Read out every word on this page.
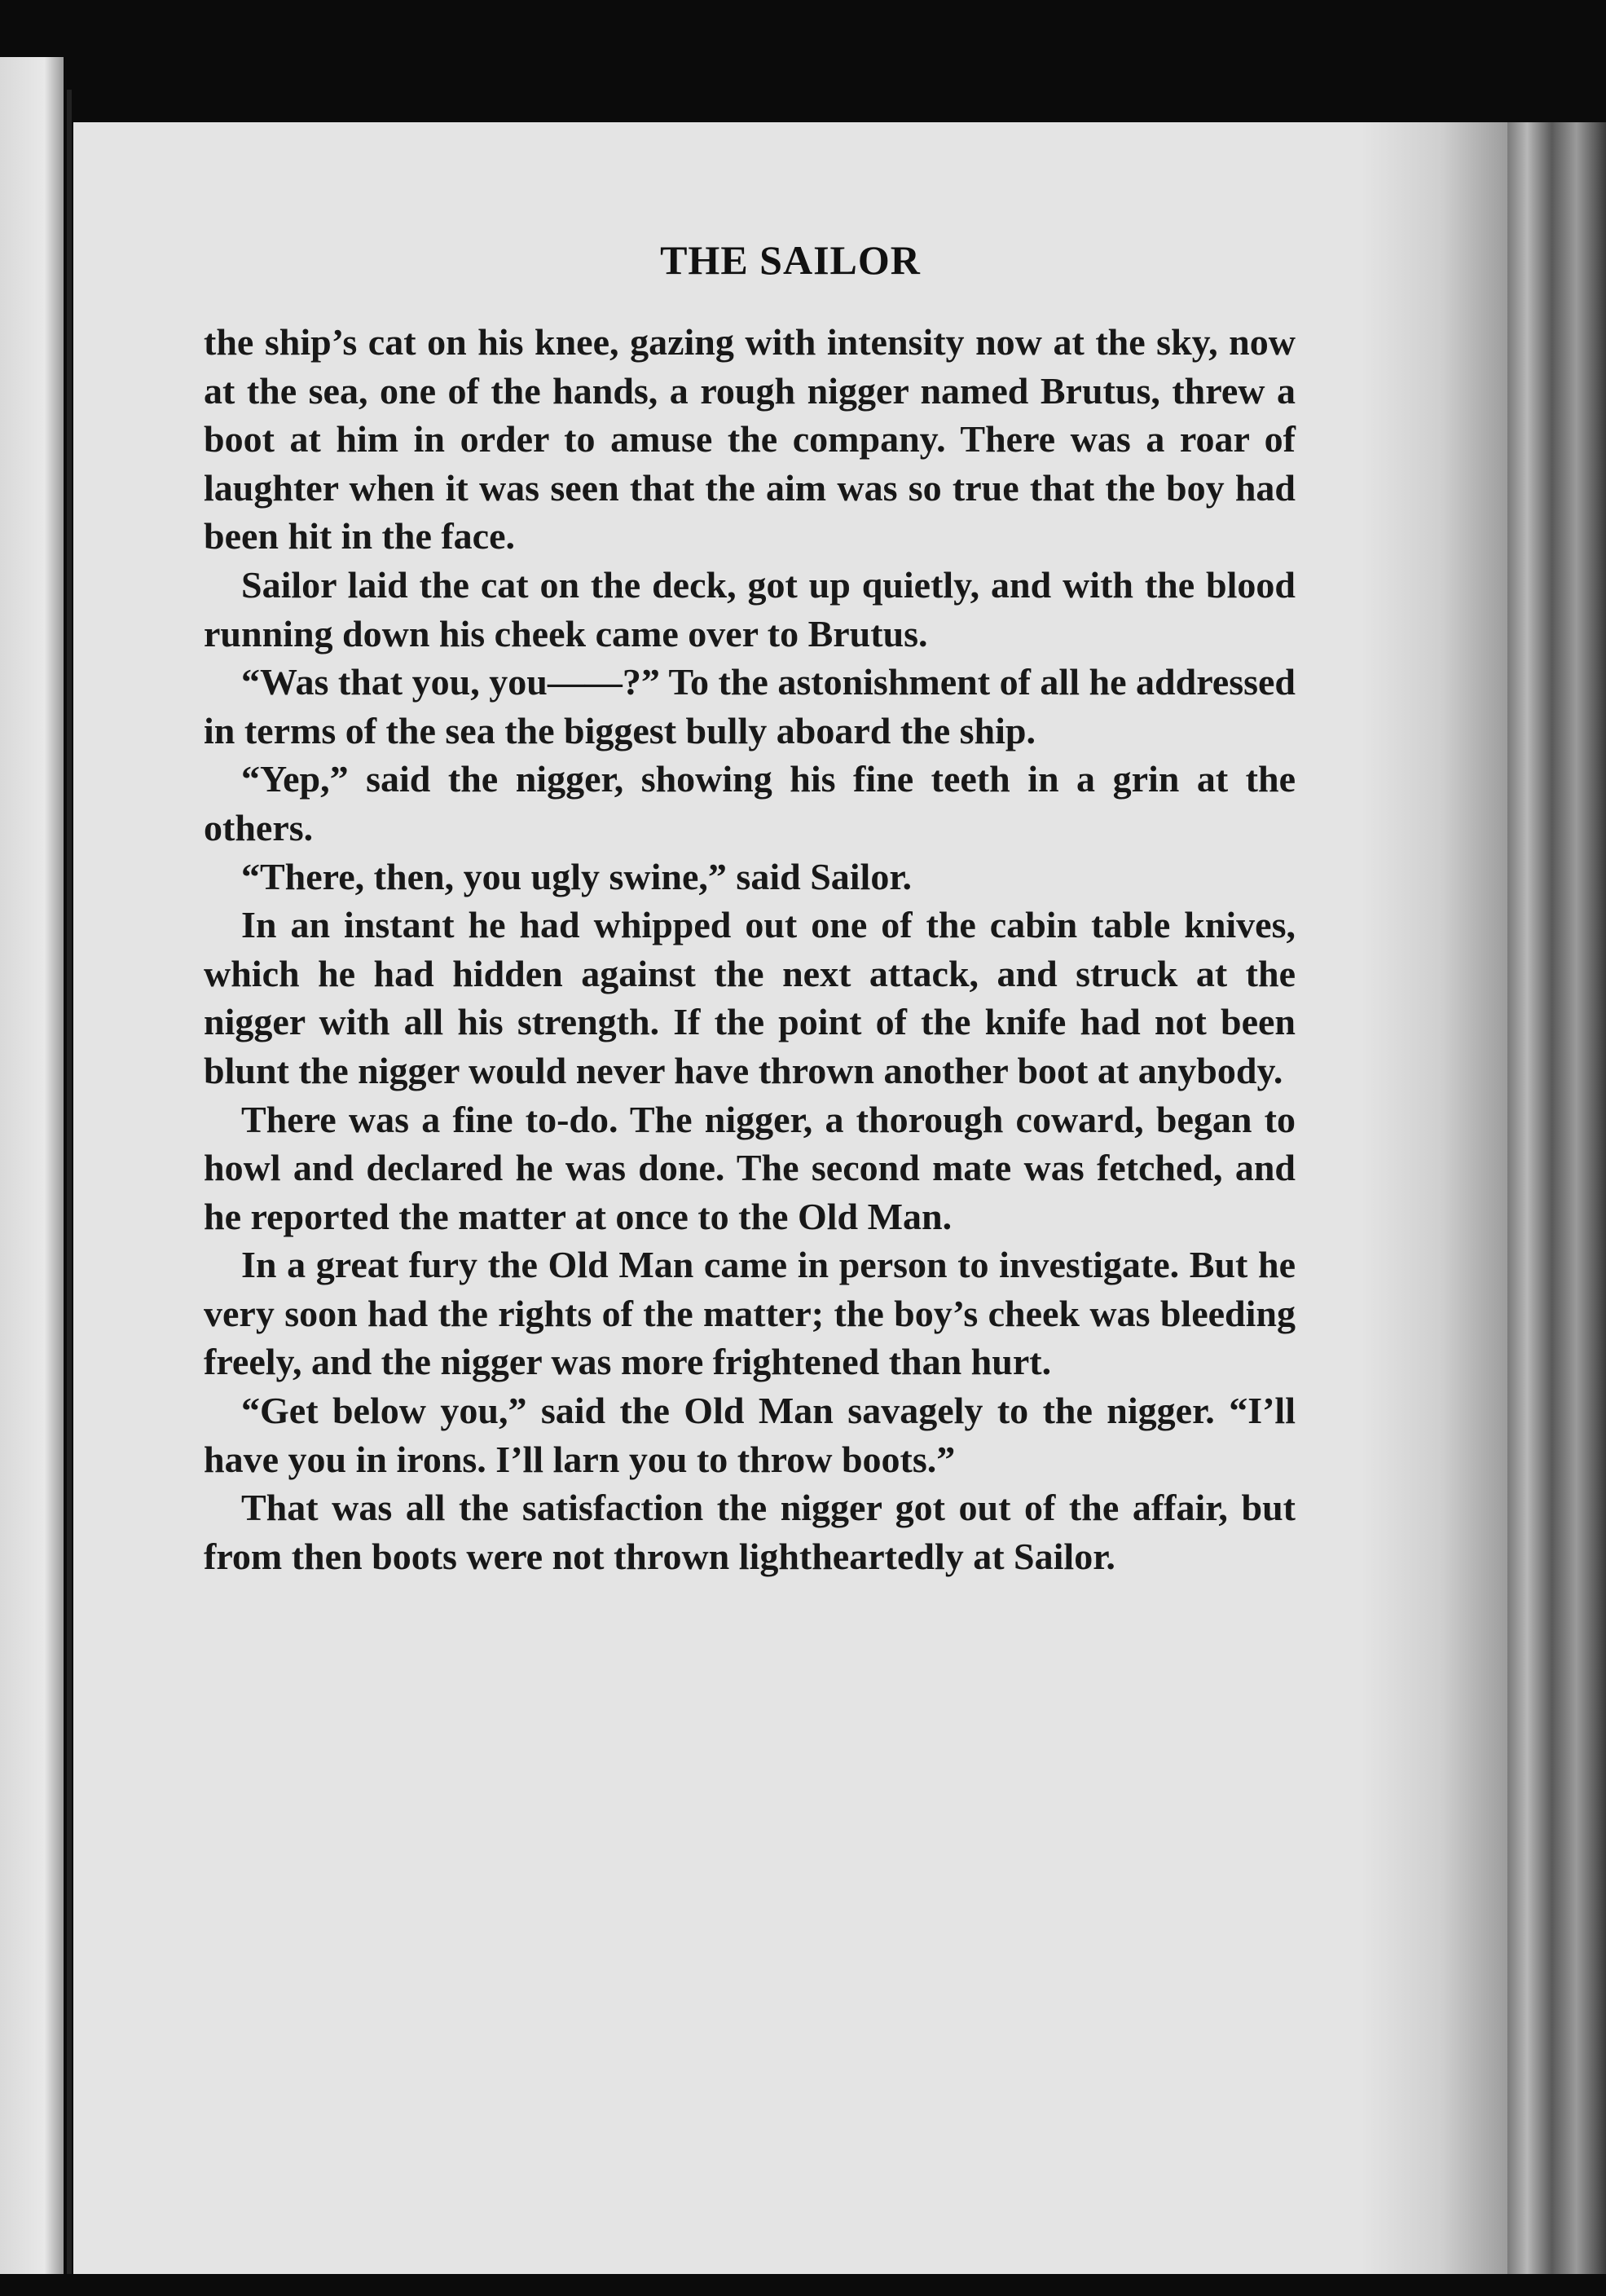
THE SAILOR

the ship’s cat on his knee, gazing with intensity now at the sky, now at the sea, one of the hands, a rough nigger named Brutus, threw a boot at him in order to amuse the company. There was a roar of laughter when it was seen that the aim was so true that the boy had been hit in the face.

Sailor laid the cat on the deck, got up quietly, and with the blood running down his cheek came over to Brutus.

“Was that you, you——?” To the astonishment of all he addressed in terms of the sea the biggest bully aboard the ship.

“Yep,” said the nigger, showing his fine teeth in a grin at the others.

“There, then, you ugly swine,” said Sailor.

In an instant he had whipped out one of the cabin table knives, which he had hidden against the next attack, and struck at the nigger with all his strength. If the point of the knife had not been blunt the nigger would never have thrown another boot at anybody.

There was a fine to-do. The nigger, a thorough coward, began to howl and declared he was done. The second mate was fetched, and he reported the matter at once to the Old Man.

In a great fury the Old Man came in person to investigate. But he very soon had the rights of the matter; the boy’s cheek was bleeding freely, and the nigger was more frightened than hurt.

“Get below you,” said the Old Man savagely to the nigger. “I’ll have you in irons. I’ll larn you to throw boots.”

That was all the satisfaction the nigger got out of the affair, but from then boots were not thrown lightheartedly at Sailor.
